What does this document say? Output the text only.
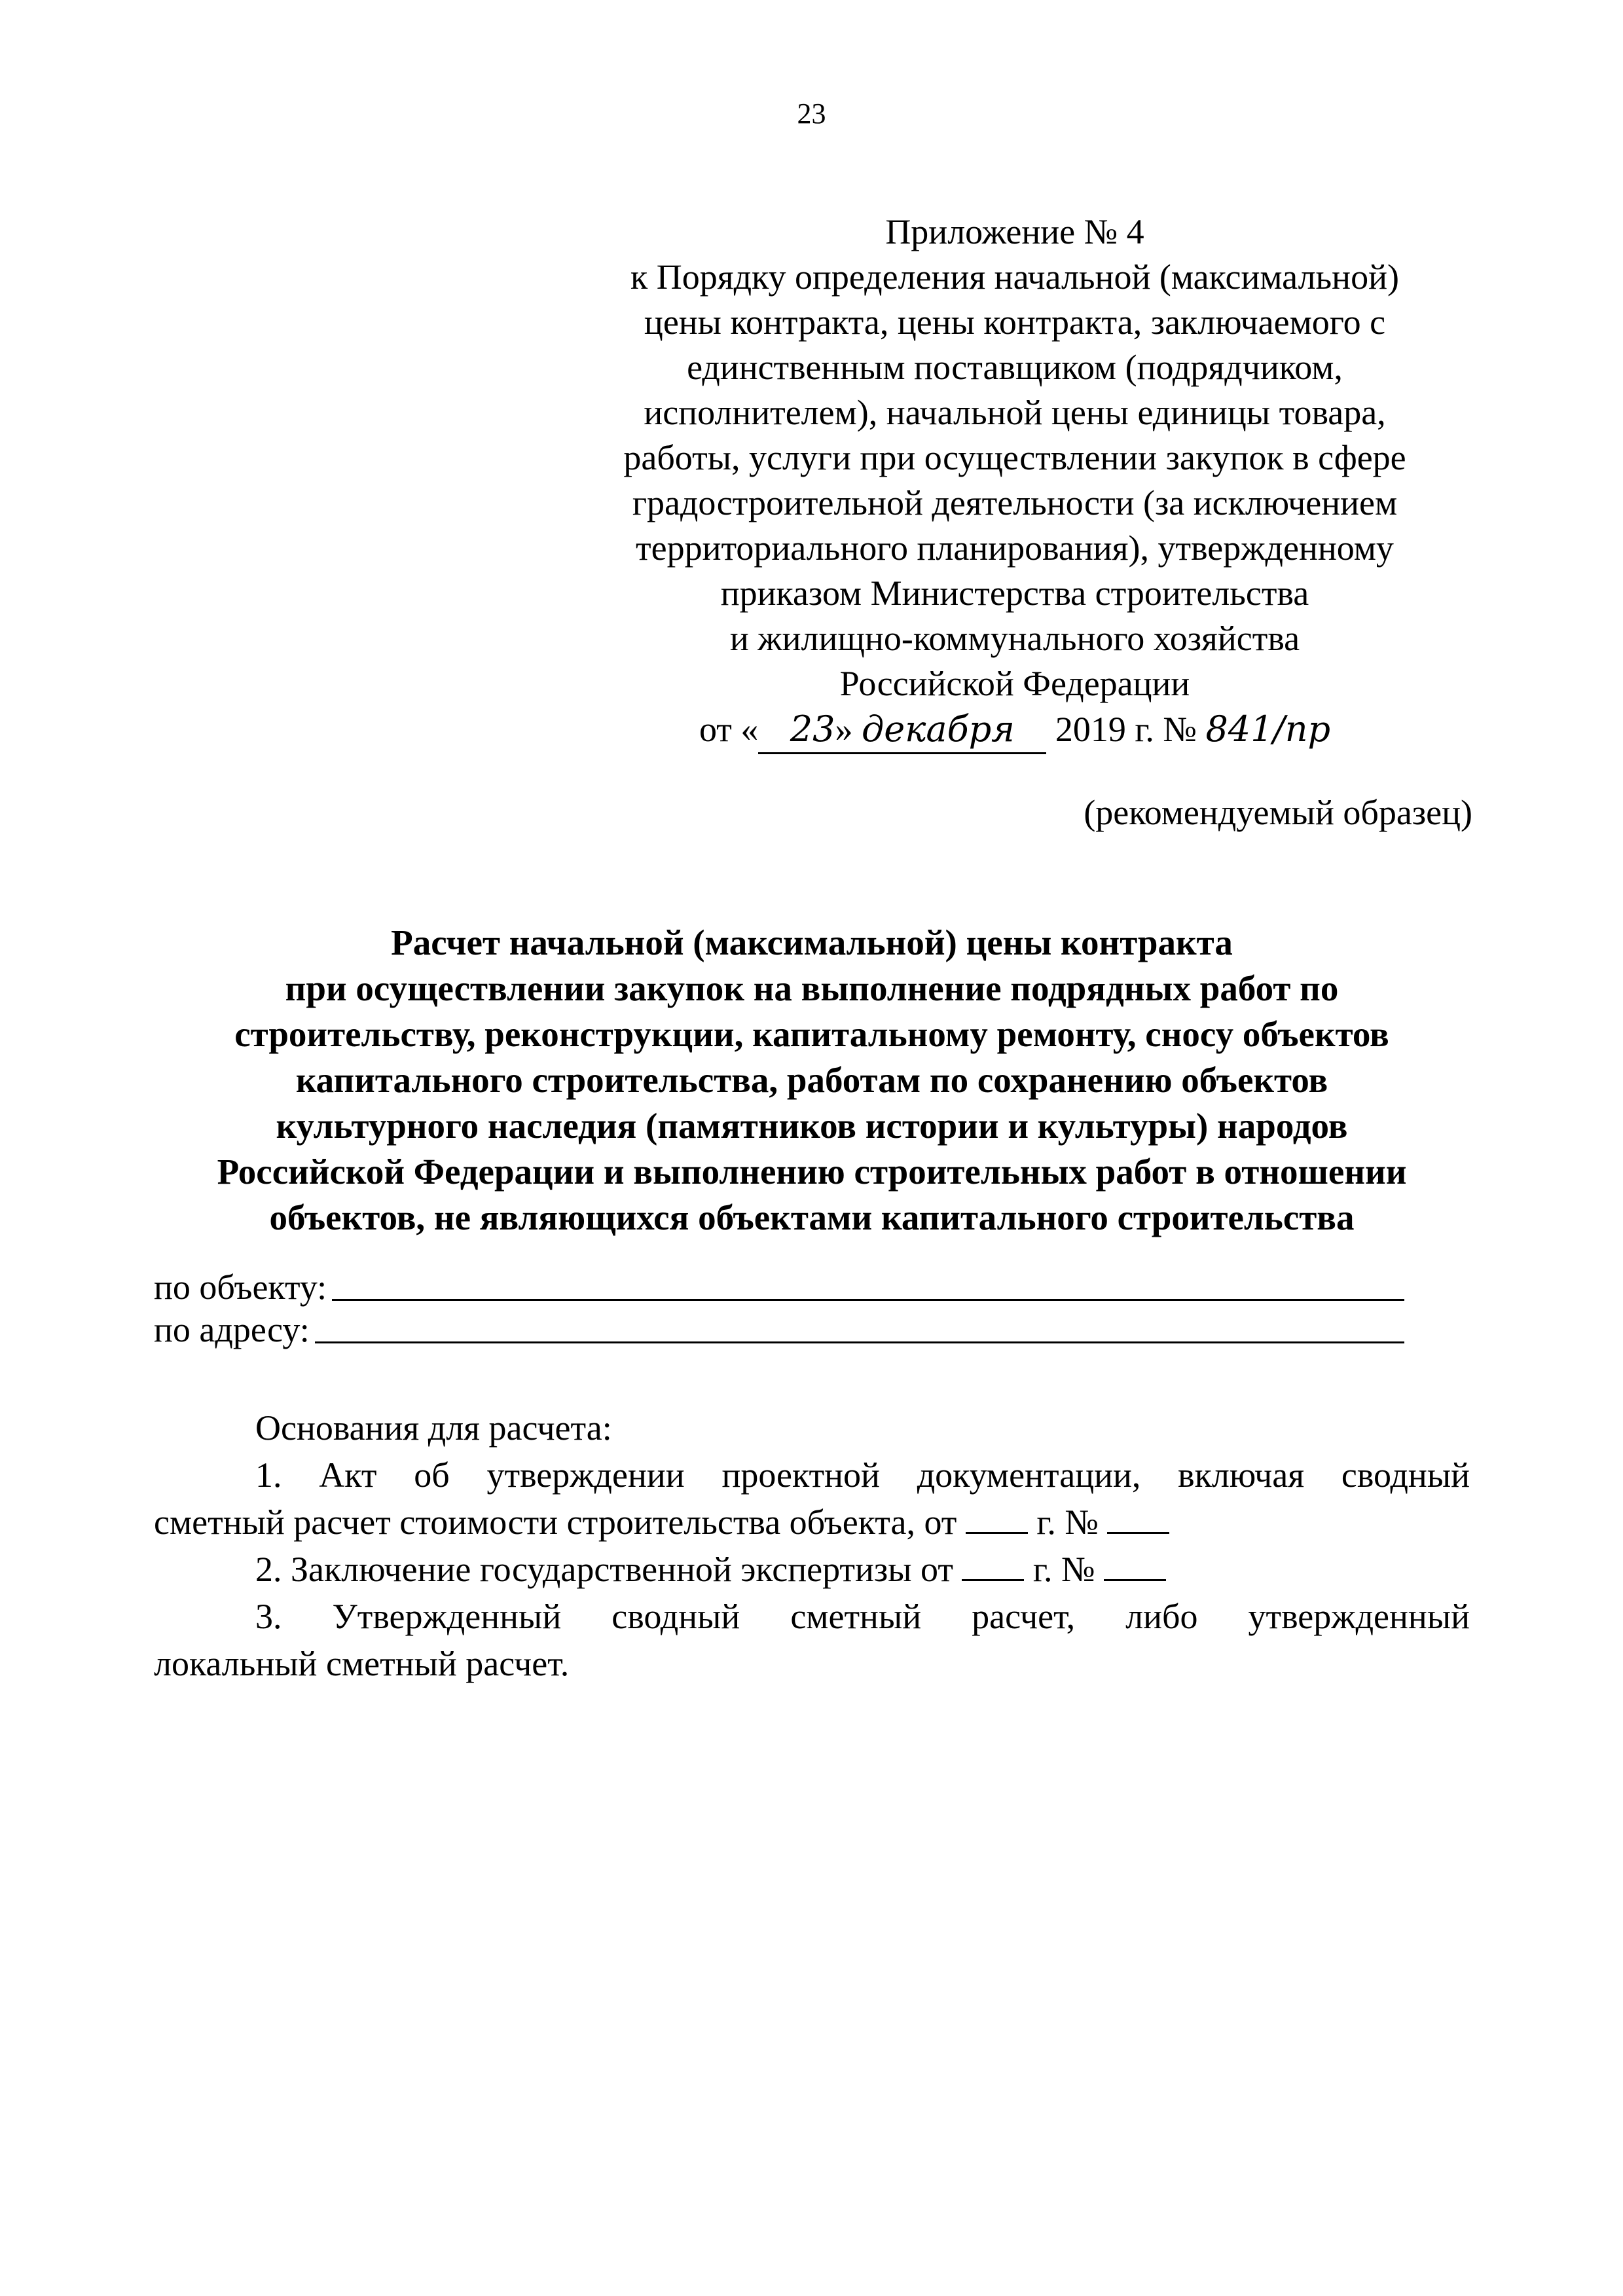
23
Приложение № 4
к Порядку определения начальной (максимальной)
цены контракта, цены контракта, заключаемого с
единственным поставщиком (подрядчиком,
исполнителем), начальной цены единицы товара,
работы, услуги при осуществлении закупок в сфере
градостроительной деятельности (за исключением
территориального планирования), утвержденному
приказом Министерства строительства
и жилищно-коммунального хозяйства
Российской Федерации
от « 23» декабря 2019 г. № 841/пр
(рекомендуемый образец)
Расчет начальной (максимальной) цены контракта
при осуществлении закупок на выполнение подрядных работ по
строительству, реконструкции, капитальному ремонту, сносу объектов
капитального строительства, работам по сохранению объектов
культурного наследия (памятников истории и культуры) народов
Российской Федерации и выполнению строительных работ в отношении
объектов, не являющихся объектами капитального строительства
по объекту:
по адресу:

Основания для расчета:

1. Акт об утверждении проектной документации, включая сводный

сметный расчет стоимости строительства объекта, от г. №

2. Заключение государственной экспертизы от г. №

3. Утвержденный сводный сметный расчет, либо утвержденный

локальный сметный расчет.
